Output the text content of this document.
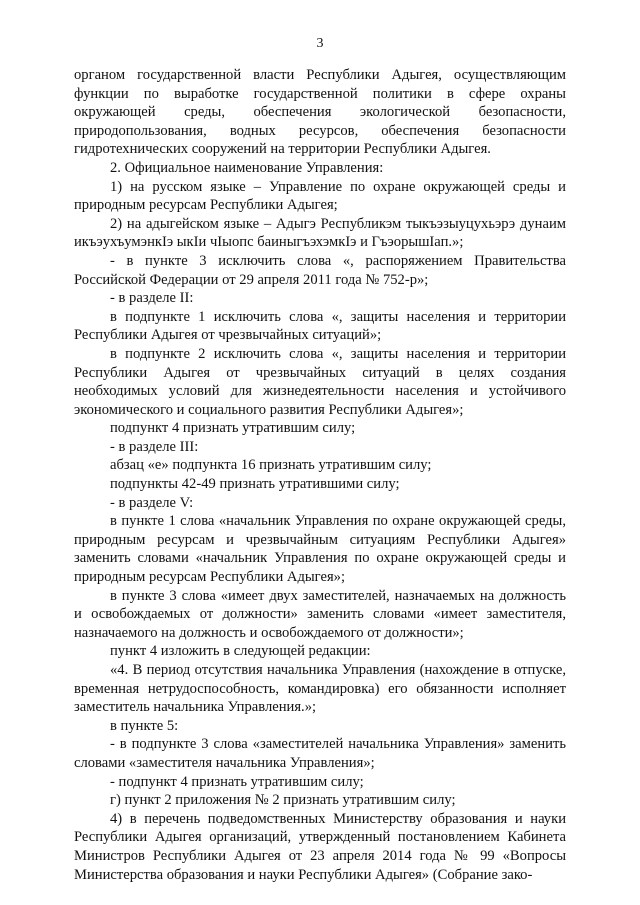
3

органом государственной власти Республики Адыгея, осуществляющим функции по выработке государственной политики в сфере охраны окружающей среды, обеспечения экологической безопасности, природопользования, водных ресурсов, обеспечения безопасности гидротехнических сооружений на территории Республики Адыгея.

2. Официальное наименование Управления:

1) на русском языке – Управление по охране окружающей среды и природным ресурсам Республики Адыгея;

2) на адыгейском языке – Адыгэ Республикэм тыкъэзыуцухьэрэ дунаим икъэухъумэнкIэ ыкIи чIыопс баиныгъэхэмкIэ и ГъэорышIап.»;

- в пункте 3 исключить слова «, распоряжением Правительства Российской Федерации от 29 апреля 2011 года № 752-р»;

- в разделе II:

в подпункте 1 исключить слова «, защиты населения и территории Республики Адыгея от чрезвычайных ситуаций»;

в подпункте 2 исключить слова «, защиты населения и территории Республики Адыгея от чрезвычайных ситуаций в целях создания необходимых условий для жизнедеятельности населения и устойчивого экономического и социального развития Республики Адыгея»;

подпункт 4 признать утратившим силу;

- в разделе III:

абзац «е» подпункта 16 признать утратившим силу;

подпункты 42-49 признать утратившими силу;

- в разделе V:

в пункте 1 слова «начальник Управления по охране окружающей среды, природным ресурсам и чрезвычайным ситуациям Республики Адыгея» заменить словами «начальник Управления по охране окружающей среды и природным ресурсам Республики Адыгея»;

в пункте 3 слова «имеет двух заместителей, назначаемых на должность и освобождаемых от должности» заменить словами «имеет заместителя, назначаемого на должность и освобождаемого от должности»;

пункт 4 изложить в следующей редакции:

«4. В период отсутствия начальника Управления (нахождение в отпуске, временная нетрудоспособность, командировка) его обязанности исполняет заместитель начальника Управления.»;

в пункте 5:

- в подпункте 3 слова «заместителей начальника Управления» заменить словами «заместителя начальника Управления»;

- подпункт 4 признать утратившим силу;

г) пункт 2 приложения № 2 признать утратившим силу;

4) в перечень подведомственных Министерству образования и науки Республики Адыгея организаций, утвержденный постановлением Кабинета Министров Республики Адыгея от 23 апреля 2014 года № 99 «Вопросы Министерства образования и науки Республики Адыгея» (Собрание зако-
